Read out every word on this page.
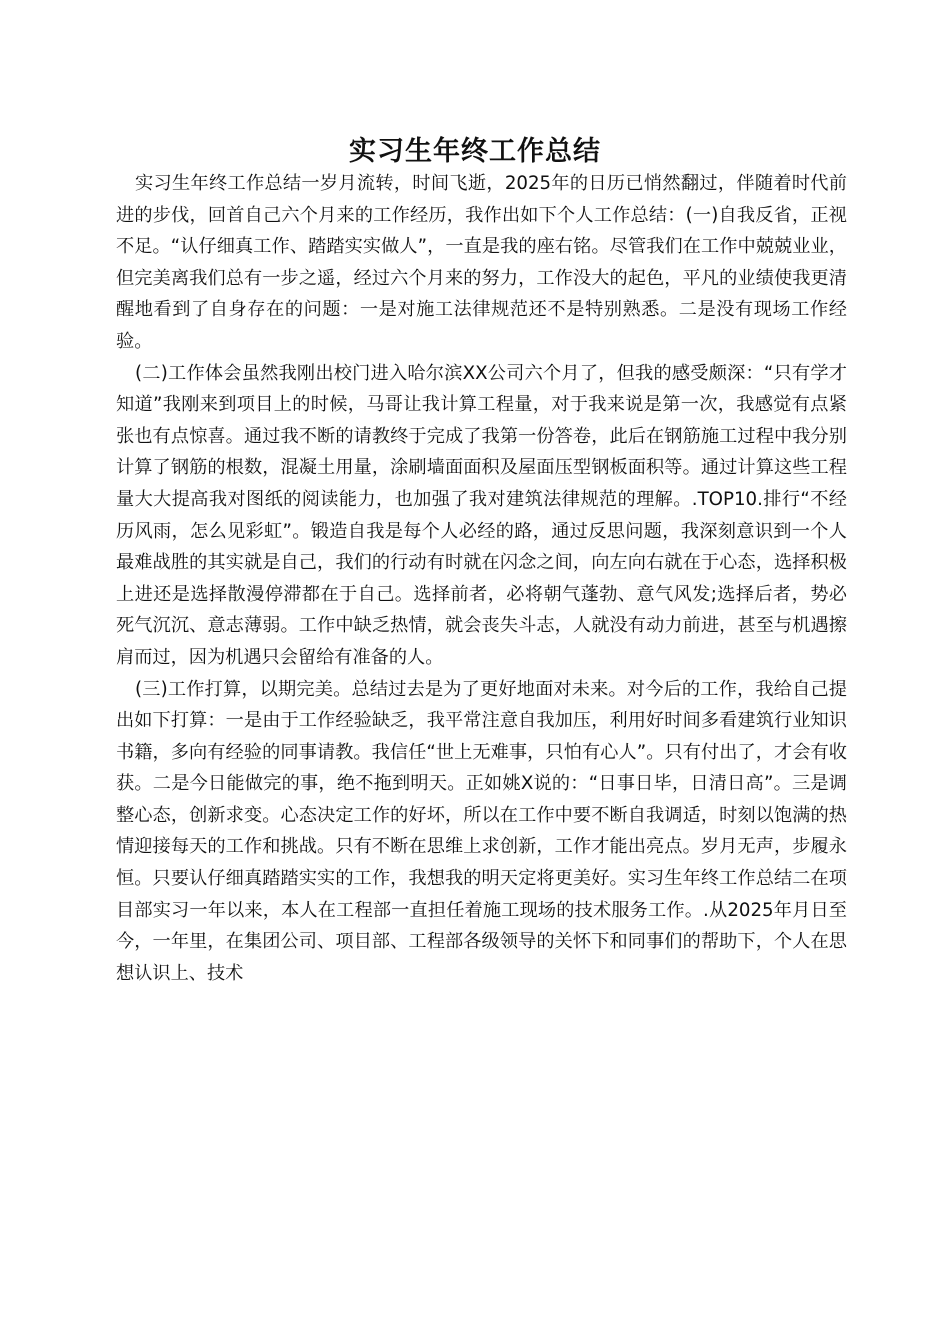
实习生年终工作总结

实习生年终工作总结一岁月流转，时间飞逝，2025年的日历已悄然翻过，伴随着时代前进的步伐，回首自己六个月来的工作经历，我作出如下个人工作总结：(一)自我反省，正视不足。“认仔细真工作、踏踏实实做人”，一直是我的座右铭。尽管我们在工作中兢兢业业，但完美离我们总有一步之遥，经过六个月来的努力，工作没大的起色，平凡的业绩使我更清醒地看到了自身存在的问题：一是对施工法律规范还不是特别熟悉。二是没有现场工作经验。

(二)工作体会虽然我刚出校门进入哈尔滨XX公司六个月了，但我的感受颇深：“只有学才知道”我刚来到项目上的时候，马哥让我计算工程量，对于我来说是第一次，我感觉有点紧张也有点惊喜。通过我不断的请教终于完成了我第一份答卷，此后在钢筋施工过程中我分别计算了钢筋的根数，混凝土用量，涂刷墙面面积及屋面压型钢板面积等。通过计算这些工程量大大提高我对图纸的阅读能力，也加强了我对建筑法律规范的理解。.TOP10.排行“不经历风雨，怎么见彩虹”。锻造自我是每个人必经的路，通过反思问题，我深刻意识到一个人最难战胜的其实就是自己，我们的行动有时就在闪念之间，向左向右就在于心态，选择积极上进还是选择散漫停滞都在于自己。选择前者，必将朝气蓬勃、意气风发;选择后者，势必死气沉沉、意志薄弱。工作中缺乏热情，就会丧失斗志，人就没有动力前进，甚至与机遇擦肩而过，因为机遇只会留给有准备的人。

(三)工作打算，以期完美。总结过去是为了更好地面对未来。对今后的工作，我给自己提出如下打算：一是由于工作经验缺乏，我平常注意自我加压，利用好时间多看建筑行业知识书籍，多向有经验的同事请教。我信任“世上无难事，只怕有心人”。只有付出了，才会有收获。二是今日能做完的事，绝不拖到明天。正如姚X说的：“日事日毕，日清日高”。三是调整心态，创新求变。心态决定工作的好坏，所以在工作中要不断自我调适，时刻以饱满的热情迎接每天的工作和挑战。只有不断在思维上求创新，工作才能出亮点。岁月无声，步履永恒。只要认仔细真踏踏实实的工作，我想我的明天定将更美好。实习生年终工作总结二在项目部实习一年以来，本人在工程部一直担任着施工现场的技术服务工作。.从2025年月日至今，一年里，在集团公司、项目部、工程部各级领导的关怀下和同事们的帮助下，个人在思想认识上、技术
